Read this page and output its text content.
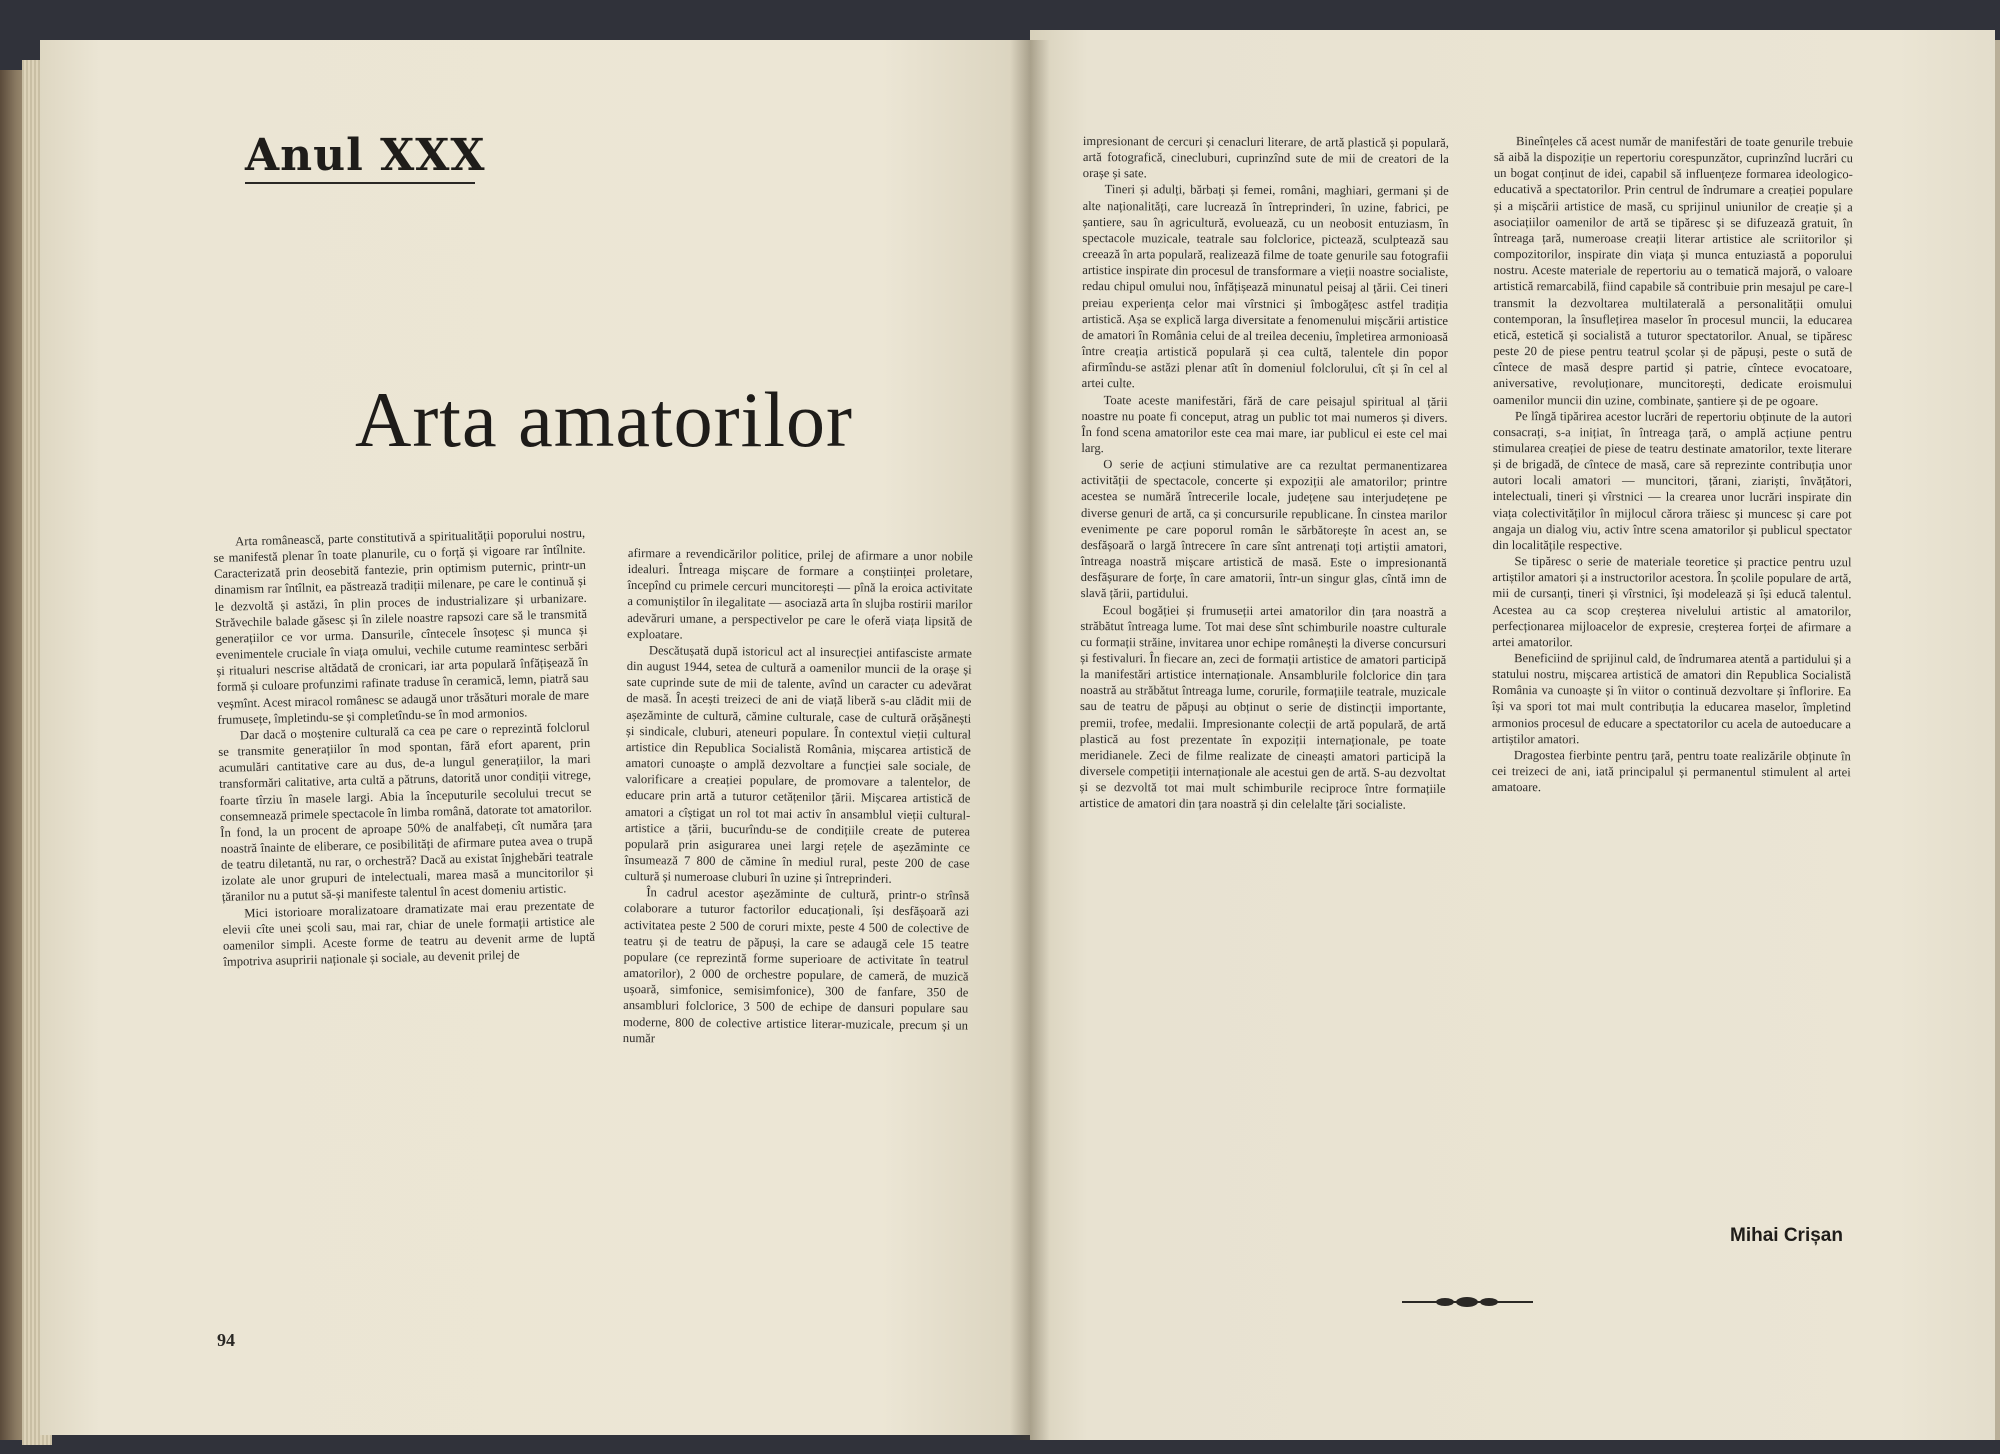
Anul XXX
Arta amatorilor

Arta românească, parte constitutivă a spiritualității poporului nostru, se manifestă plenar în toate planurile, cu o forță și vigoare rar întîlnite. Caracterizată prin deosebită fantezie, prin optimism puternic, printr-un dinamism rar întîlnit, ea păstrează tradiții milenare, pe care le continuă și le dezvoltă și astăzi, în plin proces de industrializare și urbanizare. Străvechile balade găsesc și în zilele noastre rapsozi care să le transmită generațiilor ce vor urma. Dansurile, cîntecele însoțesc și munca și evenimentele cruciale în viața omului, vechile cutume reamintesc serbări și ritualuri nescrise altădată de cronicari, iar arta populară înfățișează în formă și culoare profunzimi rafinate traduse în ceramică, lemn, piatră sau veșmînt. Acest miracol românesc se adaugă unor trăsături morale de mare frumusețe, împletindu-se și completîndu-se în mod armonios.

Dar dacă o moștenire culturală ca cea pe care o reprezintă folclorul se transmite generațiilor în mod spontan, fără efort aparent, prin acumulări cantitative care au dus, de-a lungul generațiilor, la mari transformări calitative, arta cultă a pătruns, datorită unor condiții vitrege, foarte tîrziu în masele largi. Abia la începuturile secolului trecut se consemnează primele spectacole în limba română, datorate tot amatorilor. În fond, la un procent de aproape 50% de analfabeți, cît număra țara noastră înainte de eliberare, ce posibilități de afirmare putea avea o trupă de teatru diletantă, nu rar, o orchestră? Dacă au existat înjghebări teatrale izolate ale unor grupuri de intelectuali, marea masă a muncitorilor și țăranilor nu a putut să-și manifeste talentul în acest domeniu artistic.

Mici istorioare moralizatoare dramatizate mai erau prezentate de elevii cîte unei școli sau, mai rar, chiar de unele formații artistice ale oamenilor simpli. Aceste forme de teatru au devenit arme de luptă împotriva asupririi naționale și sociale, au devenit prilej de

afirmare a revendicărilor politice, prilej de afirmare a unor nobile idealuri. Întreaga mișcare de formare a conștiinței proletare, începînd cu primele cercuri muncitorești — pînă la eroica activitate a comuniștilor în ilegalitate — asociază arta în slujba rostirii marilor adevăruri umane, a perspectivelor pe care le oferă viața lipsită de exploatare.

Descătușată după istoricul act al insurecției antifasciste armate din august 1944, setea de cultură a oamenilor muncii de la orașe și sate cuprinde sute de mii de talente, avînd un caracter cu adevărat de masă. În acești treizeci de ani de viață liberă s-au clădit mii de așezăminte de cultură, cămine culturale, case de cultură orășănești și sindicale, cluburi, ateneuri populare. În contextul vieții cultural artistice din Republica Socialistă România, mișcarea artistică de amatori cunoaște o amplă dezvoltare a funcției sale sociale, de valorificare a creației populare, de promovare a talentelor, de educare prin artă a tuturor cetățenilor țării. Mișcarea artistică de amatori a cîștigat un rol tot mai activ în ansamblul vieții cultural-artistice a țării, bucurîndu-se de condițiile create de puterea populară prin asigurarea unei largi rețele de așezăminte ce însumează 7 800 de cămine în mediul rural, peste 200 de case cultură și numeroase cluburi în uzine și întreprinderi.

În cadrul acestor așezăminte de cultură, printr-o strînsă colaborare a tuturor factorilor educaționali, își desfășoară azi activitatea peste 2 500 de coruri mixte, peste 4 500 de colective de teatru și de teatru de păpuși, la care se adaugă cele 15 teatre populare (ce reprezintă forme superioare de activitate în teatrul amatorilor), 2 000 de orchestre populare, de cameră, de muzică ușoară, simfonice, semisimfonice), 300 de fanfare, 350 de ansambluri folclorice, 3 500 de echipe de dansuri populare sau moderne, 800 de colective artistice literar-muzicale, precum și un număr

94

impresionant de cercuri și cenacluri literare, de artă plastică și populară, artă fotografică, cinecluburi, cuprinzînd sute de mii de creatori de la orașe și sate.

Tineri și adulți, bărbați și femei, români, maghiari, germani și de alte naționalități, care lucrează în întreprinderi, în uzine, fabrici, pe șantiere, sau în agricultură, evoluează, cu un neobosit entuziasm, în spectacole muzicale, teatrale sau folclorice, pictează, sculptează sau creează în arta populară, realizează filme de toate genurile sau fotografii artistice inspirate din procesul de transformare a vieții noastre socialiste, redau chipul omului nou, înfățișează minunatul peisaj al țării. Cei tineri preiau experiența celor mai vîrstnici și îmbogățesc astfel tradiția artistică. Așa se explică larga diversitate a fenomenului mișcării artistice de amatori în România celui de al treilea deceniu, împletirea armonioasă între creația artistică populară și cea cultă, talentele din popor afirmîndu-se astăzi plenar atît în domeniul folclorului, cît și în cel al artei culte.

Toate aceste manifestări, fără de care peisajul spiritual al țării noastre nu poate fi conceput, atrag un public tot mai numeros și divers. În fond scena amatorilor este cea mai mare, iar publicul ei este cel mai larg.

O serie de acțiuni stimulative are ca rezultat permanentizarea activității de spectacole, concerte și expoziții ale amatorilor; printre acestea se numără întrecerile locale, județene sau interjudețene pe diverse genuri de artă, ca și concursurile republicane. În cinstea marilor evenimente pe care poporul român le sărbătorește în acest an, se desfășoară o largă întrecere în care sînt antrenați toți artiștii amatori, întreaga noastră mișcare artistică de masă. Este o impresionantă desfășurare de forțe, în care amatorii, într-un singur glas, cîntă imn de slavă țării, partidului.

Ecoul bogăției și frumuseții artei amatorilor din țara noastră a străbătut întreaga lume. Tot mai dese sînt schimburile noastre culturale cu formații străine, invitarea unor echipe românești la diverse concursuri și festivaluri. În fiecare an, zeci de formații artistice de amatori participă la manifestări artistice internaționale. Ansamblurile folclorice din țara noastră au străbătut întreaga lume, corurile, formațiile teatrale, muzicale sau de teatru de păpuși au obținut o serie de distincții importante, premii, trofee, medalii. Impresionante colecții de artă populară, de artă plastică au fost prezentate în expoziții internaționale, pe toate meridianele. Zeci de filme realizate de cineaști amatori participă la diversele competiții internaționale ale acestui gen de artă. S-au dezvoltat și se dezvoltă tot mai mult schimburile reciproce între formațiile artistice de amatori din țara noastră și din celelalte țări socialiste.

Bineînțeles că acest număr de manifestări de toate genurile trebuie să aibă la dispoziție un repertoriu corespunzător, cuprinzînd lucrări cu un bogat conținut de idei, capabil să influențeze formarea ideologico-educativă a spectatorilor. Prin centrul de îndrumare a creației populare și a mișcării artistice de masă, cu sprijinul uniunilor de creație și a asociațiilor oamenilor de artă se tipăresc și se difuzează gratuit, în întreaga țară, numeroase creații literar artistice ale scriitorilor și compozitorilor, inspirate din viața și munca entuziastă a poporului nostru. Aceste materiale de repertoriu au o tematică majoră, o valoare artistică remarcabilă, fiind capabile să contribuie prin mesajul pe care-l transmit la dezvoltarea multilaterală a personalității omului contemporan, la însuflețirea maselor în procesul muncii, la educarea etică, estetică și socialistă a tuturor spectatorilor. Anual, se tipăresc peste 20 de piese pentru teatrul școlar și de păpuși, peste o sută de cîntece de masă despre partid și patrie, cîntece evocatoare, aniversative, revoluționare, muncitorești, dedicate eroismului oamenilor muncii din uzine, combinate, șantiere și de pe ogoare.

Pe lîngă tipărirea acestor lucrări de repertoriu obținute de la autori consacrați, s-a inițiat, în întreaga țară, o amplă acțiune pentru stimularea creației de piese de teatru destinate amatorilor, texte literare și de brigadă, de cîntece de masă, care să reprezinte contribuția unor autori locali amatori — muncitori, țărani, ziariști, învățători, intelectuali, tineri și vîrstnici — la crearea unor lucrări inspirate din viața colectivităților în mijlocul cărora trăiesc și muncesc și care pot angaja un dialog viu, activ între scena amatorilor și publicul spectator din localitățile respective.

Se tipăresc o serie de materiale teoretice și practice pentru uzul artiștilor amatori și a instructorilor acestora. În școlile populare de artă, mii de cursanți, tineri și vîrstnici, își modelează și își educă talentul. Acestea au ca scop creșterea nivelului artistic al amatorilor, perfecționarea mijloacelor de expresie, creșterea forței de afirmare a artei amatorilor.

Beneficiind de sprijinul cald, de îndrumarea atentă a partidului și a statului nostru, mișcarea artistică de amatori din Republica Socialistă România va cunoaște și în viitor o continuă dezvoltare și înflorire. Ea își va spori tot mai mult contribuția la educarea maselor, împletind armonios procesul de educare a spectatorilor cu acela de autoeducare a artiștilor amatori.

Dragostea fierbinte pentru țară, pentru toate realizările obținute în cei treizeci de ani, iată principalul și permanentul stimulent al artei amatoare.

Mihai Crișan
